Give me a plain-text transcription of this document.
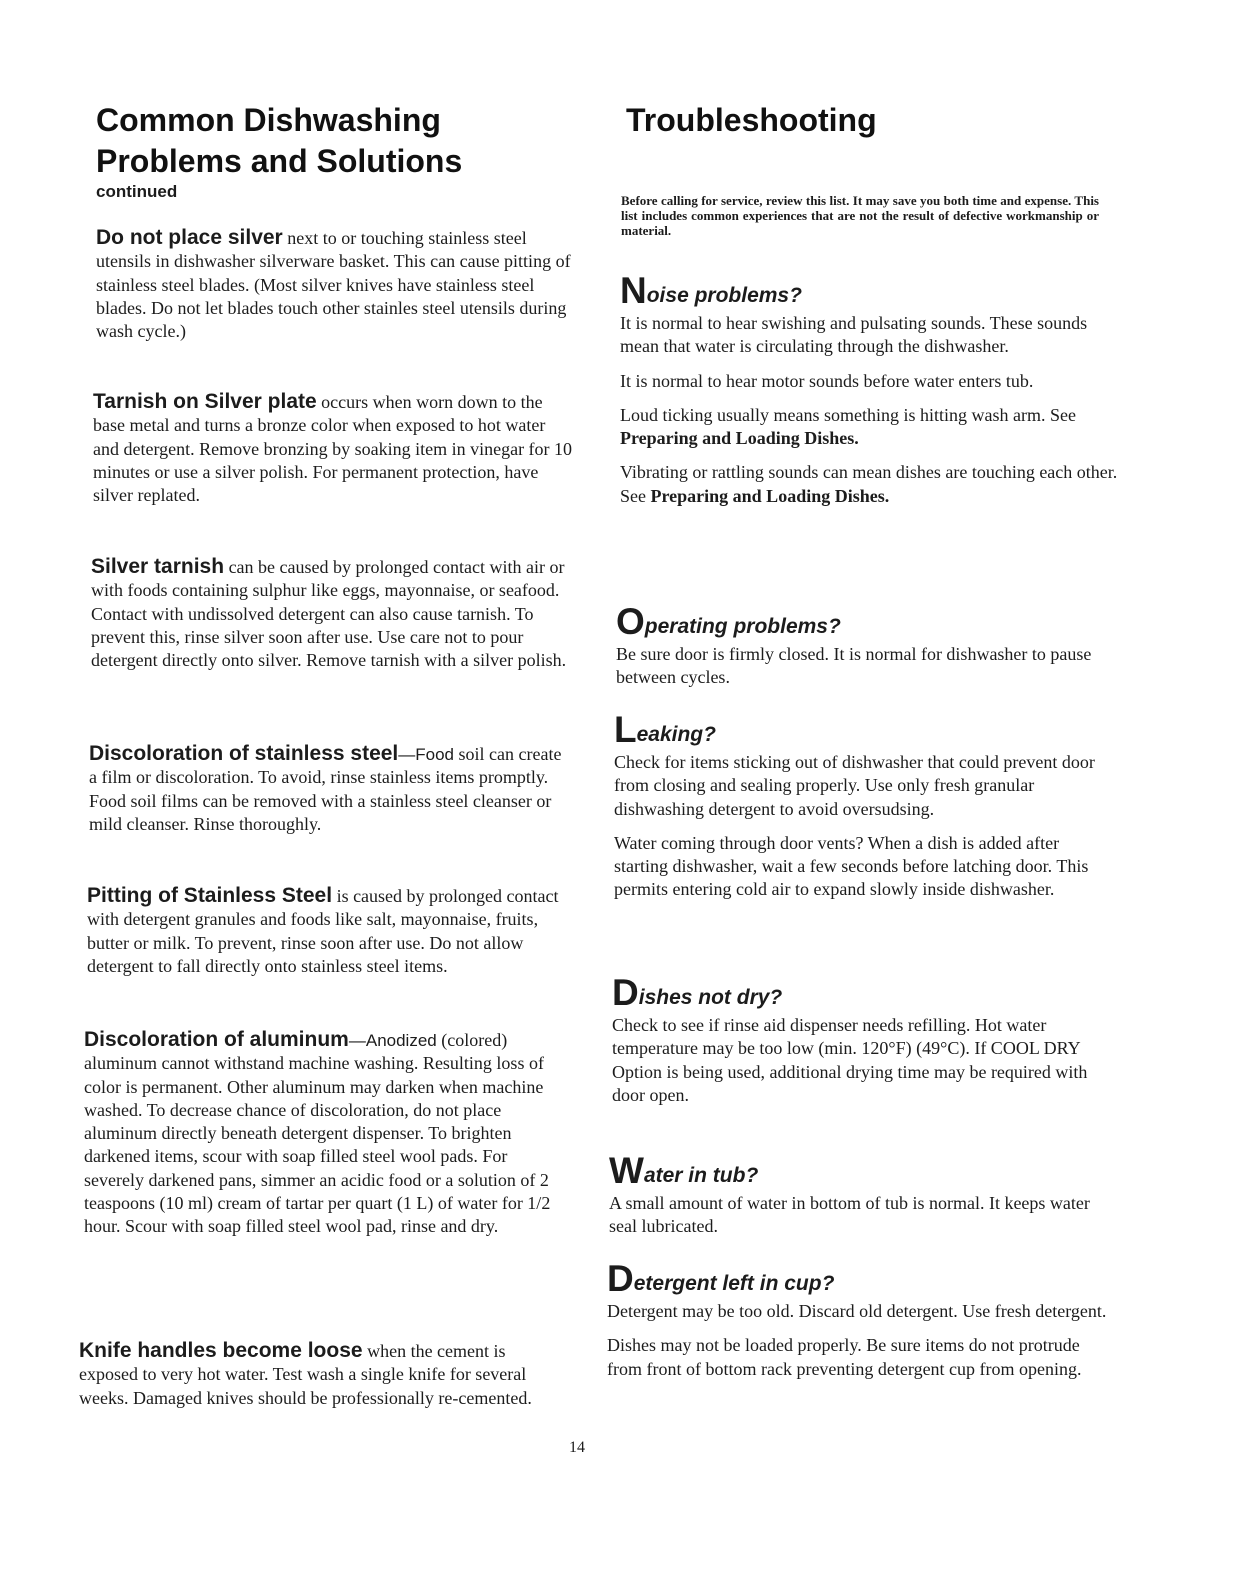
Common Dishwashing

Problems and Solutions

continued

Do not place silver next to or touching stainless steel utensils in dishwasher silverware basket. This can cause pitting of stainless steel blades. (Most silver knives have stainless steel blades. Do not let blades touch other stainles steel utensils during wash cycle.)
Tarnish on Silver plate occurs when worn down to the base metal and turns a bronze color when exposed to hot water and detergent. Remove bronzing by soaking item in vinegar for 10 minutes or use a silver polish. For permanent protection, have silver replated.
Silver tarnish can be caused by prolonged contact with air or with foods containing sulphur like eggs, mayonnaise, or seafood. Contact with undissolved detergent can also cause tarnish. To prevent this, rinse silver soon after use. Use care not to pour detergent directly onto silver. Remove tarnish with a silver polish.
Discoloration of stainless steel—Food soil can create a film or discoloration. To avoid, rinse stainless items promptly. Food soil films can be removed with a stainless steel cleanser or mild cleanser. Rinse thoroughly.
Pitting of Stainless Steel is caused by prolonged contact with detergent granules and foods like salt, mayonnaise, fruits, butter or milk. To prevent, rinse soon after use. Do not allow detergent to fall directly onto stainless steel items.
Discoloration of aluminum—Anodized (colored) aluminum cannot withstand machine washing. Resulting loss of color is permanent. Other aluminum may darken when machine washed. To decrease chance of discoloration, do not place aluminum directly beneath detergent dispenser. To brighten darkened items, scour with soap filled steel wool pads. For severely darkened pans, simmer an acidic food or a solution of 2 teaspoons (10 ml) cream of tartar per quart (1 L) of water for 1/2 hour. Scour with soap filled steel wool pad, rinse and dry.
Knife handles become loose when the cement is exposed to very hot water. Test wash a single knife for several weeks. Damaged knives should be professionally re-cemented.

Troubleshooting

Before calling for service, review this list. It may save you both time and expense. This list includes common experiences that are not the result of defective workmanship or material.
Noise problems?

It is normal to hear swishing and pulsating sounds. These sounds mean that water is circulating through the dishwasher.

It is normal to hear motor sounds before water enters tub.

Loud ticking usually means something is hitting wash arm. See Preparing and Loading Dishes.

Vibrating or rattling sounds can mean dishes are touching each other. See Preparing and Loading Dishes.

Operating problems?

Be sure door is firmly closed. It is normal for dishwasher to pause between cycles.

Leaking?

Check for items sticking out of dishwasher that could prevent door from closing and sealing properly. Use only fresh granular dishwashing detergent to avoid oversudsing.

Water coming through door vents? When a dish is added after starting dishwasher, wait a few seconds before latching door. This permits entering cold air to expand slowly inside dishwasher.

Dishes not dry?

Check to see if rinse aid dispenser needs refilling. Hot water temperature may be too low (min. 120°F) (49°C). If COOL DRY Option is being used, additional drying time may be required with door open.

Water in tub?

A small amount of water in bottom of tub is normal. It keeps water seal lubricated.

Detergent left in cup?

Detergent may be too old. Discard old detergent. Use fresh detergent.

Dishes may not be loaded properly. Be sure items do not protrude from front of bottom rack preventing detergent cup from opening.

14
